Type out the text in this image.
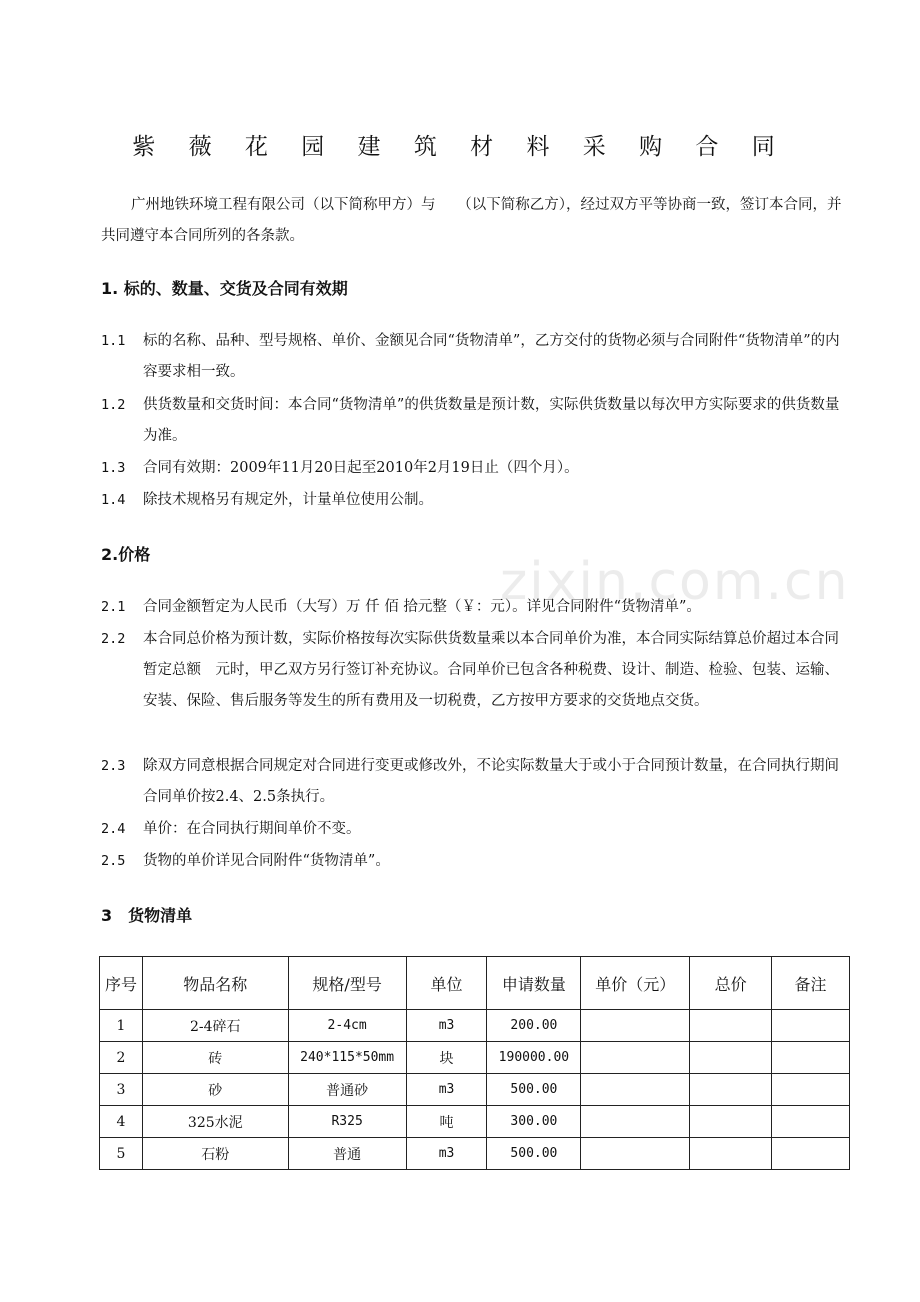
紫 薇 花 园 建 筑 材 料 采 购 合 同
广州地铁环境工程有限公司（以下简称甲方）与　　（以下简称乙方），经过双方平等协商一致，签订本合同，并共同遵守本合同所列的各条款。
1. 标的、数量、交货及合同有效期
1.1	标的名称、品种、型号规格、单价、金额见合同“货物清单”，乙方交付的货物必须与合同附件“货物清单”的内容要求相一致。
1.2	供货数量和交货时间：本合同“货物清单”的供货数量是预计数，实际供货数量以每次甲方实际要求的供货数量为准。
1.3	合同有效期：2009年11月20日起至2010年2月19日止（四个月）。
1.4	除技术规格另有规定外，计量单位使用公制。
2.价格	zixin.com.cn
2.1	合同金额暂定为人民币（大写）万 仟 佰 拾元整（￥：元）。详见合同附件“货物清单”。
2.2	本合同总价格为预计数，实际价格按每次实际供货数量乘以本合同单价为准，本合同实际结算总价超过本合同暂定总额　元时，甲乙双方另行签订补充协议。合同单价已包含各种税费、设计、制造、检验、包装、运输、安装、保险、售后服务等发生的所有费用及一切税费，乙方按甲方要求的交货地点交货。
2.3	除双方同意根据合同规定对合同进行变更或修改外，不论实际数量大于或小于合同预计数量，在合同执行期间合同单价按2.4、2.5条执行。
2.4	单价：在合同执行期间单价不变。
2.5	货物的单价详见合同附件“货物清单”。
3　货物清单
序号	物品名称	规格/型号	单位	申请数量	单价（元）	总价	备注
1	2-4碎石	2-4cm	m3	200.00			
2	砖	240*115*50mm	块	190000.00			
3	砂	普通砂	m3	500.00			
4	325水泥	R325	吨	300.00			
5	石粉	普通	m3	500.00			
